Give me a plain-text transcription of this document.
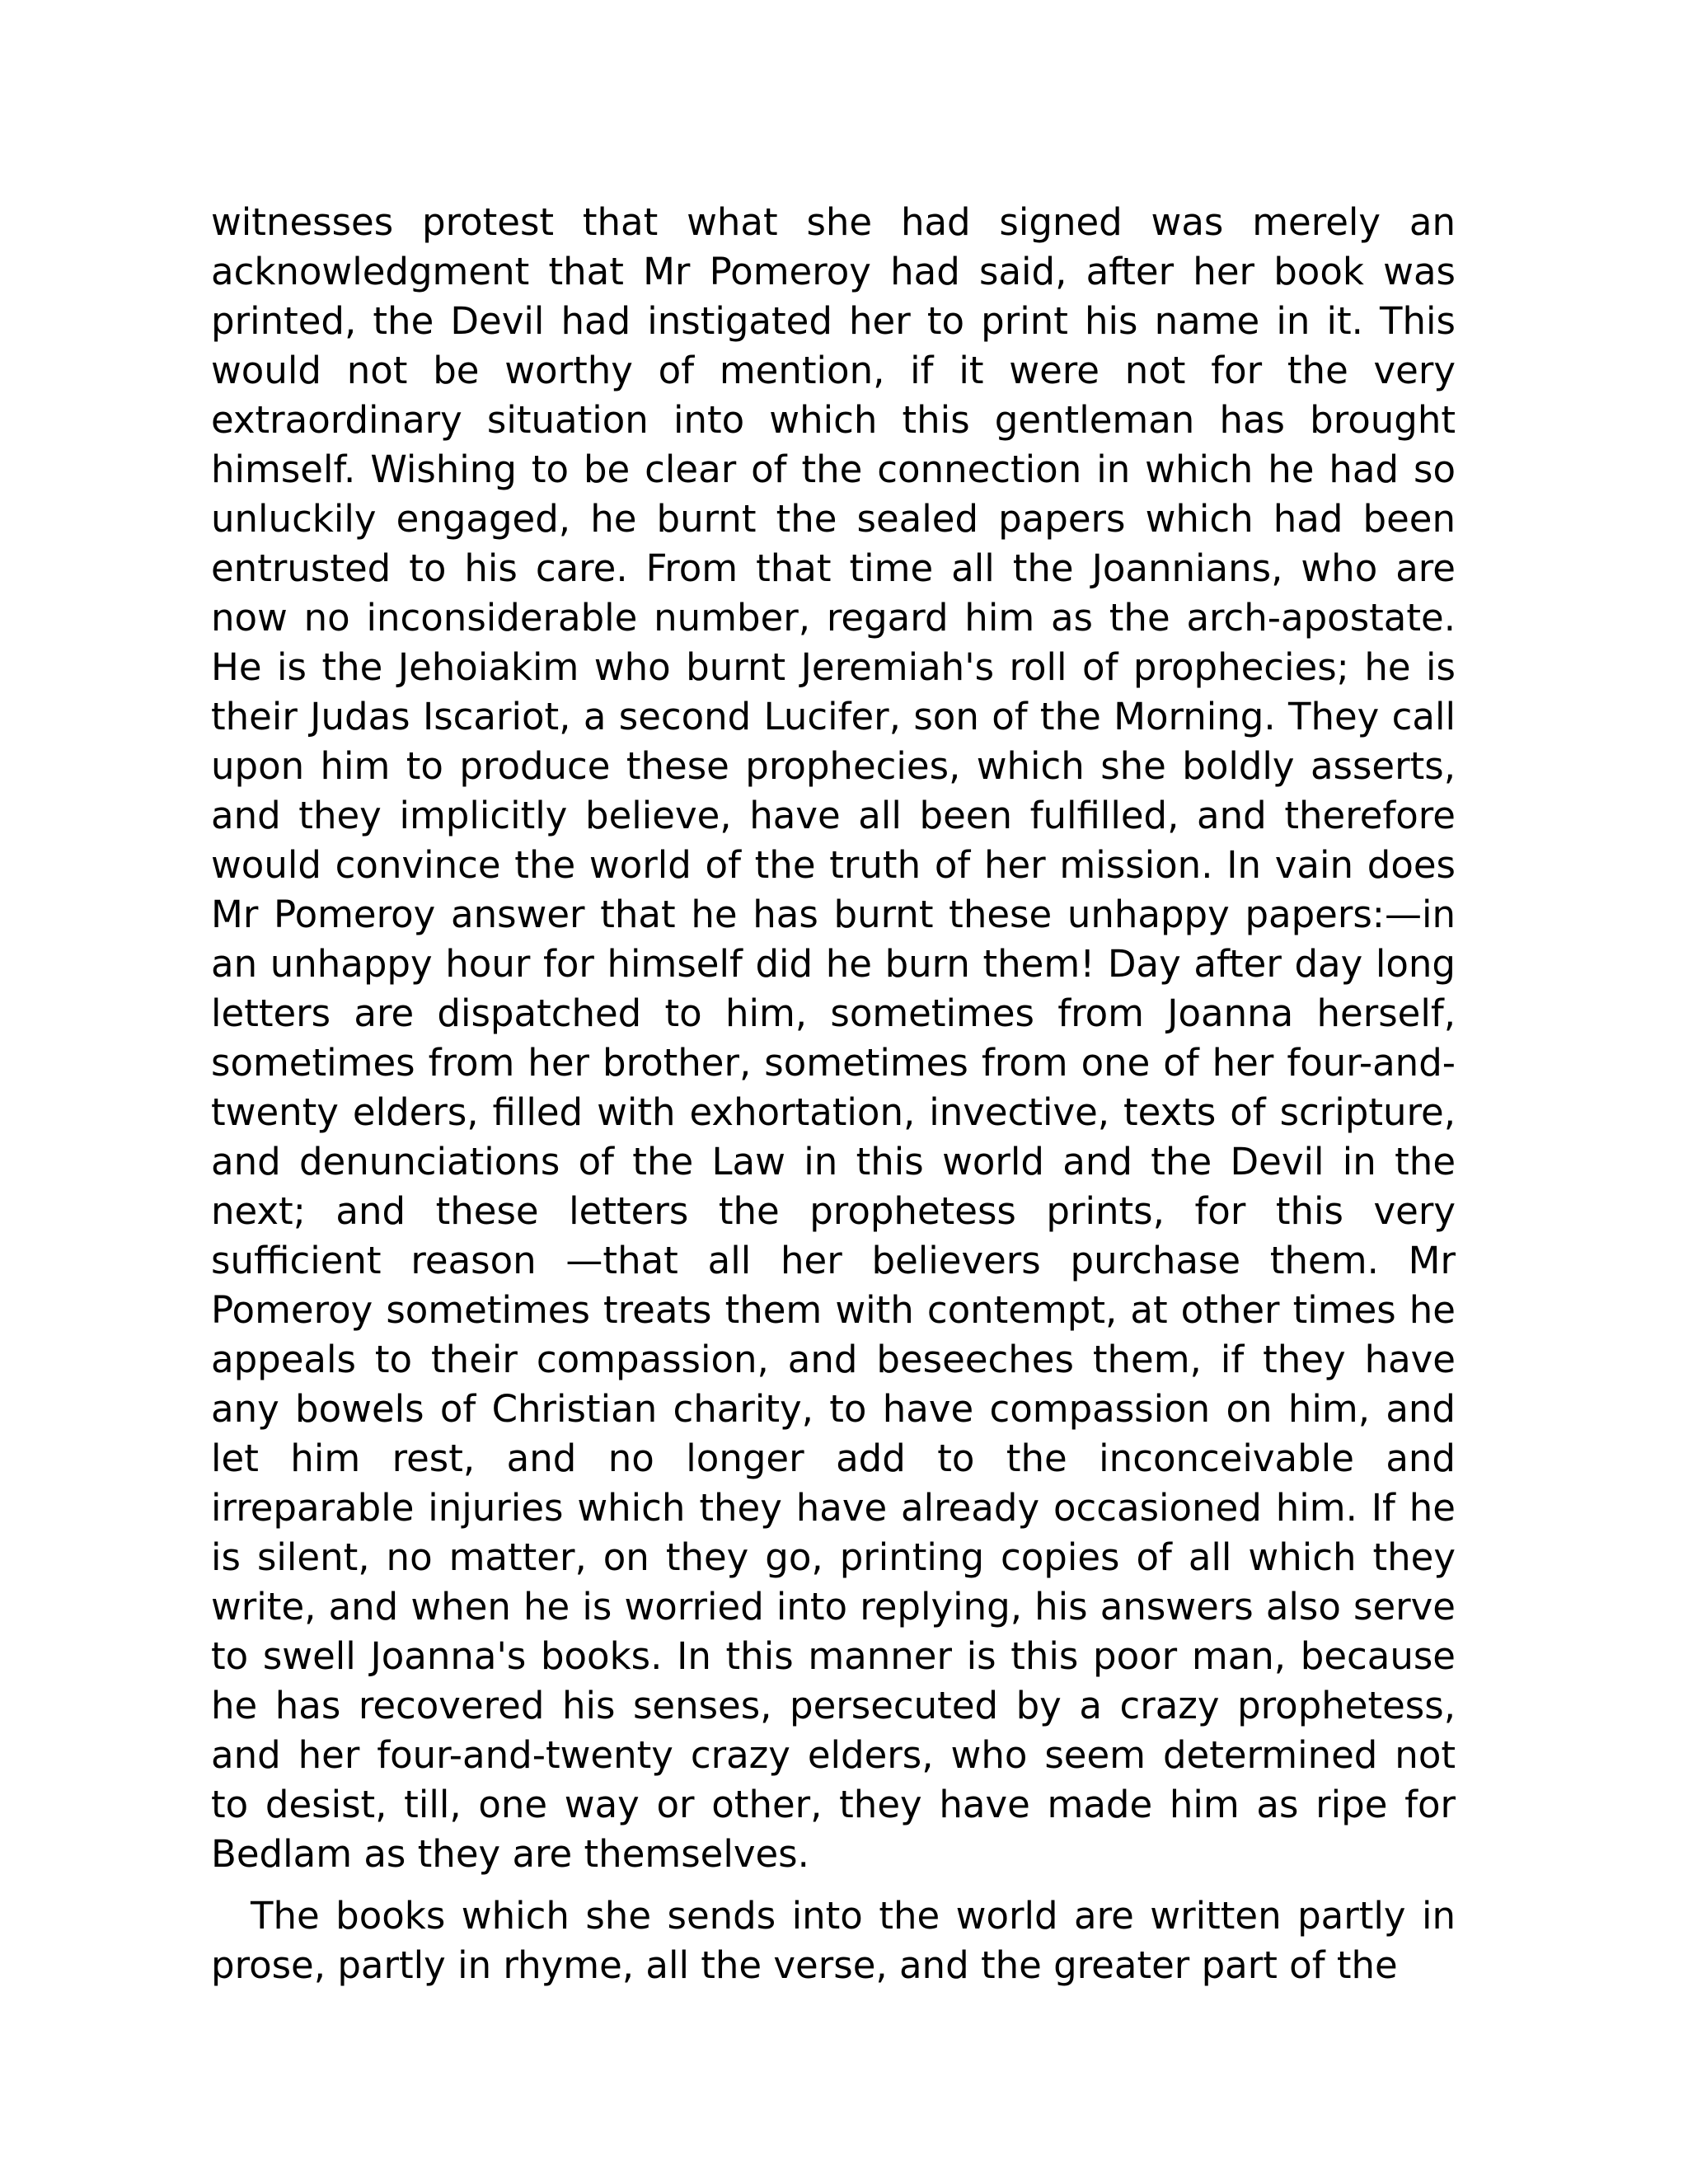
witnesses protest that what she had signed was merely an acknowledgment that Mr Pomeroy had said, after her book was printed, the Devil had instigated her to print his name in it. This would not be worthy of mention, if it were not for the very extraordinary situation into which this gentleman has brought himself. Wishing to be clear of the connection in which he had so unluckily engaged, he burnt the sealed papers which had been entrusted to his care. From that time all the Joannians, who are now no inconsiderable number, regard him as the arch-apostate. He is the Jehoiakim who burnt Jeremiah's roll of prophecies; he is their Judas Iscariot, a second Lucifer, son of the Morning. They call upon him to produce these prophecies, which she boldly asserts, and they implicitly believe, have all been fulfilled, and therefore would convince the world of the truth of her mission. In vain does Mr Pomeroy answer that he has burnt these unhappy papers:—in an unhappy hour for himself did he burn them! Day after day long letters are dispatched to him, sometimes from Joanna herself, sometimes from her brother, sometimes from one of her four-and-twenty elders, filled with exhortation, invective, texts of scripture, and denunciations of the Law in this world and the Devil in the next; and these letters the prophetess prints, for this very sufficient reason —that all her believers purchase them. Mr Pomeroy sometimes treats them with contempt, at other times he appeals to their compassion, and beseeches them, if they have any bowels of Christian charity, to have compassion on him, and let him rest, and no longer add to the inconceivable and irreparable injuries which they have already occasioned him. If he is silent, no matter, on they go, printing copies of all which they write, and when he is worried into replying, his answers also serve to swell Joanna's books. In this manner is this poor man, because he has recovered his senses, persecuted by a crazy prophetess, and her four-and-twenty crazy elders, who seem determined not to desist, till, one way or other, they have made him as ripe for Bedlam as they are themselves.

The books which she sends into the world are written partly in prose, partly in rhyme, all the verse, and the greater part of the
